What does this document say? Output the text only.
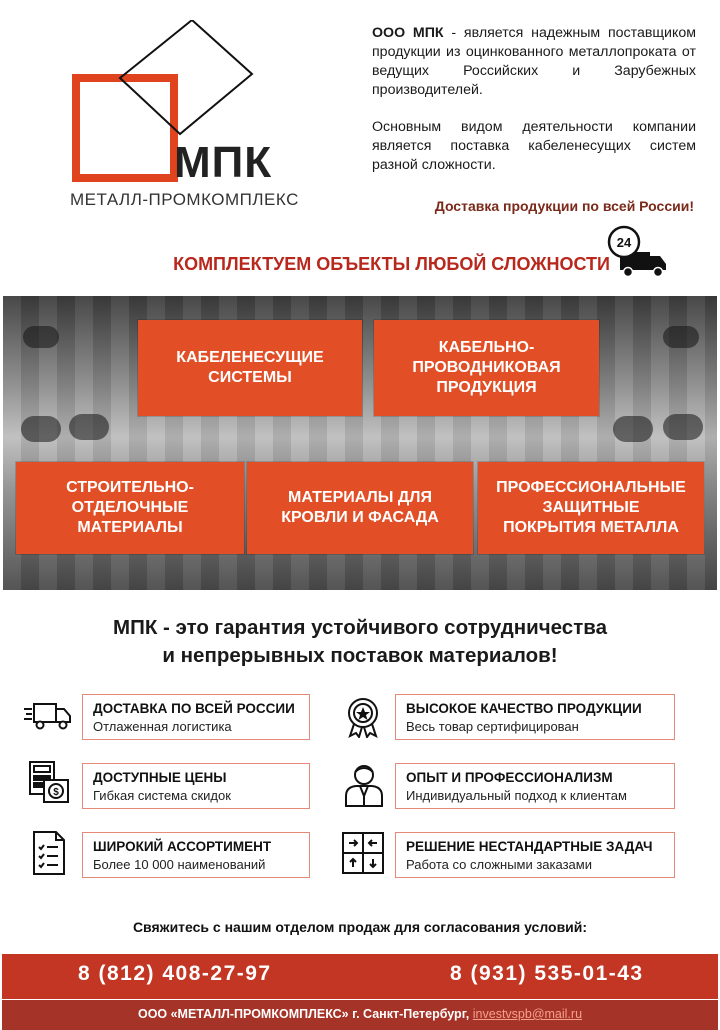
МПК
МЕТАЛЛ-ПРОМКОМПЛЕКС

ООО МПК - является надежным поставщиком продукции из оцинкованного металлопроката от ведущих Российских и Зарубежных производителей.

Основным видом деятельности компании является поставка кабеленесущих систем разной сложности.

Доставка продукции по всей России!
КОМПЛЕКТУЕМ ОБЪЕКТЫ ЛЮБОЙ СЛОЖНОСТИ
24
КАБЕЛЕНЕСУЩИЕ
СИСТЕМЫ
КАБЕЛЬНО-
ПРОВОДНИКОВАЯ
ПРОДУКЦИЯ
СТРОИТЕЛЬНО-
ОТДЕЛОЧНЫЕ
МАТЕРИАЛЫ
МАТЕРИАЛЫ ДЛЯ
КРОВЛИ И ФАСАДА
ПРОФЕССИОНАЛЬНЫЕ
ЗАЩИТНЫЕ
ПОКРЫТИЯ МЕТАЛЛА
МПК - это гарантия устойчивого сотрудничества
и непрерывных поставок материалов!
ДОСТАВКА ПО ВСЕЙ РОССИИ
Отлаженная логистика
ВЫСОКОЕ КАЧЕСТВО ПРОДУКЦИИ
Весь товар сертифицирован
$
ДОСТУПНЫЕ ЦЕНЫ
Гибкая система скидок
ОПЫТ И ПРОФЕССИОНАЛИЗМ
Индивидуальный подход к клиентам
ШИРОКИЙ АССОРТИМЕНТ
Более 10 000 наименований
РЕШЕНИЕ НЕСТАНДАРТНЫЕ ЗАДАЧ
Работа со сложными заказами
Свяжитесь с нашим отделом продаж для согласования условий:
8 (812) 408-27-97	8 (931) 535-01-43
ООО «МЕТАЛЛ-ПРОМКОМПЛЕКС» г. Санкт-Петербург, investvspb@mail.ru
